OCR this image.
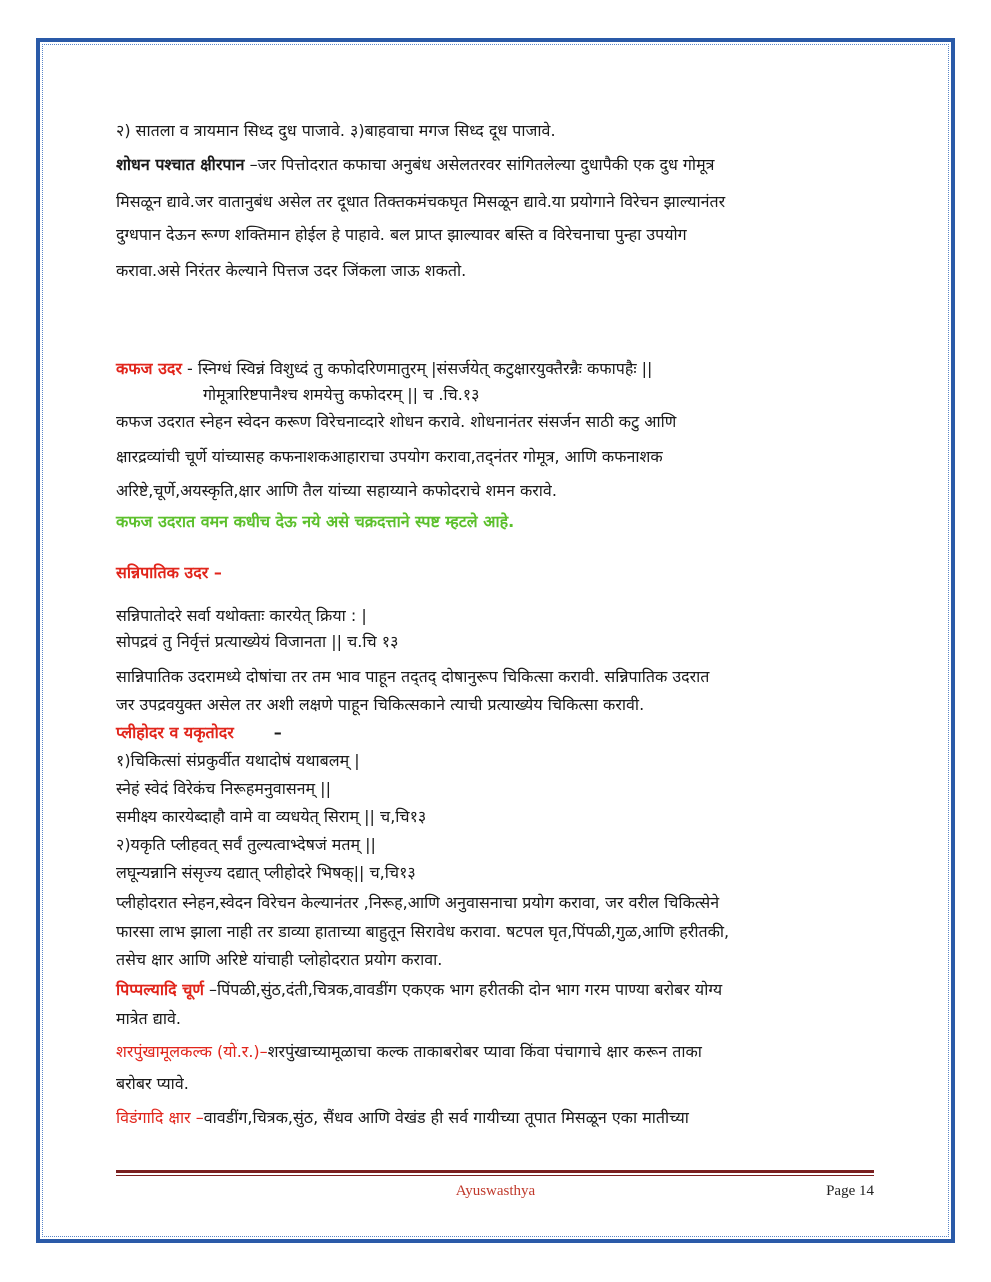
२) सातला व त्रायमान सिध्द दुध पाजावे. ३)बाहवाचा मगज सिध्द दूध पाजावे.
शोधन पश्चात क्षीरपान –जर पित्तोदरात कफाचा अनुबंध असेलतरवर सांगितलेल्या दुधापैकी एक दुध गोमूत्र
मिसळून द्यावे.जर वातानुबंध असेल तर दूधात तिक्तकमंचकघृत मिसळून द्यावे.या प्रयोगाने विरेचन झाल्यानंतर
दुग्धपान देऊन रूग्ण शक्तिमान होईल हे पाहावे. बल प्राप्त झाल्यावर बस्ति व विरेचनाचा पुन्हा उपयोग
करावा.असे निरंतर केल्याने पित्तज उदर जिंकला जाऊ शकतो.
कफज उदर - स्निग्धं स्विन्नं विशुध्दं तु कफोदरिणमातुरम् |संसर्जयेत् कटुक्षारयुक्तैरन्नैः कफापहैः ||
गोमूत्रारिष्टपानैश्च शमयेत्तु कफोदरम् || च .चि.१३
कफज उदरात स्नेहन स्वेदन करूण विरेचनाव्दारे शोधन करावे. शोधनानंतर संसर्जन साठी कटु आणि
क्षारद्रव्यांची चूर्णे यांच्यासह कफनाशकआहाराचा उपयोग करावा,तद्नंतर गोमूत्र, आणि कफनाशक
अरिष्टे,चूर्णे,अयस्कृति,क्षार आणि तैल यांच्या सहाय्याने कफोदराचे शमन करावे.
कफज उदरात वमन कधीच देऊ नये असे चक्रदत्ताने स्पष्ट म्हटले आहे.
सन्निपातिक उदर –
सन्निपातोदरे सर्वा यथोक्ताः कारयेत् क्रिया : |
सोपद्रवं तु निर्वृत्तं प्रत्याख्येयं विजानता || च.चि १३
सान्निपातिक उदरामध्ये दोषांचा तर तम भाव पाहून तद्तद् दोषानुरूप चिकित्सा करावी. सन्निपातिक उदरात
जर उपद्रवयुक्त असेल तर अशी लक्षणे पाहून चिकित्सकाने त्याची प्रत्याख्येय चिकित्सा करावी.
प्लीहोदर व यकृतोदर	–
१)चिकित्सां संप्रकुर्वीत यथादोषं यथाबलम् |
स्नेहं स्वेदं विरेकंच निरूहमनुवासनम् ||
समीक्ष्य कारयेब्दाहौ वामे वा व्यधयेत् सिराम् || च,चि१३
२)यकृति प्लीहवत् सर्वं तुल्यत्वाभ्देषजं मतम् ||
लघून्यन्नानि संसृज्य दद्यात् प्लीहोदरे भिषक्|| च,चि१३
प्लीहोदरात स्नेहन,स्वेदन विरेचन केल्यानंतर ,निरूह,आणि अनुवासनाचा प्रयोग करावा, जर वरील चिकित्सेने
फारसा लाभ झाला नाही तर डाव्या हाताच्या बाहुतून सिरावेध करावा. षटपल घृत,पिंपळी,गुळ,आणि हरीतकी,
तसेच क्षार आणि अरिष्टे यांचाही प्लोहोदरात प्रयोग करावा.
पिप्पल्यादि चूर्ण –पिंपळी,सुंठ,दंती,चित्रक,वावडींग एकएक भाग हरीतकी दोन भाग गरम पाण्या बरोबर योग्य
मात्रेत द्यावे.
शरपुंखामूलकल्क (यो.र.)–शरपुंखाच्यामूळाचा कल्क ताकाबरोबर प्यावा किंवा पंचागाचे क्षार करून ताका
बरोबर प्यावे.
विडंगादि क्षार –वावडींग,चित्रक,सुंठ, सैंधव आणि वेखंड ही सर्व गायीच्या तूपात मिसळून एका मातीच्या
Ayuswasthya	Page 14
